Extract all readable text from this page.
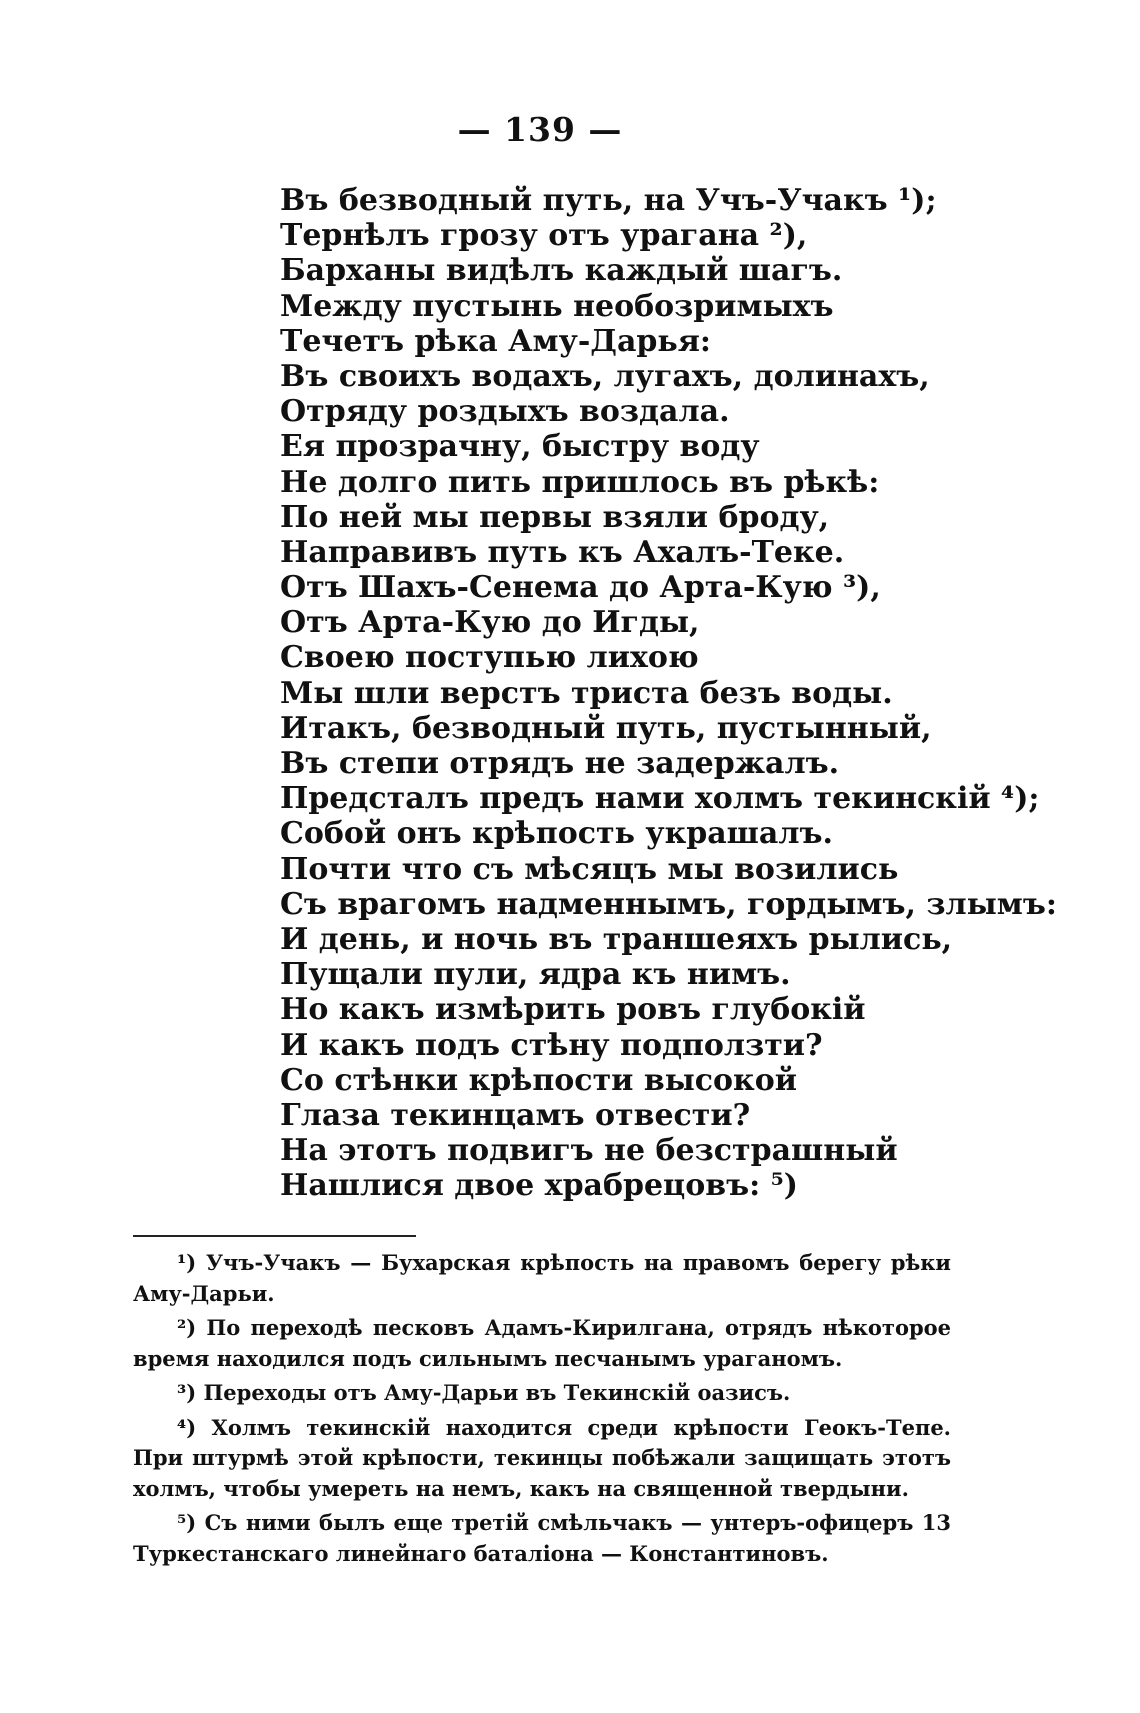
— 139 —
Въ безводный путь, на Учъ-Учакъ ¹);
Тернѣлъ грозу отъ урагана ²),
Барханы видѣлъ каждый шагъ.
Между пустынь необозримыхъ
Течетъ рѣка Аму-Дарья:
Въ своихъ водахъ, лугахъ, долинахъ,
Отряду роздыхъ воздала.
Ея прозрачну, быстру воду
Не долго пить пришлось въ рѣкѣ:
По ней мы первы взяли броду,
Направивъ путь къ Ахалъ-Теке.
Отъ Шахъ-Сенема до Арта-Кую ³),
Отъ Арта-Кую до Игды,
Своею поступью лихою
Мы шли верстъ триста безъ воды.
Итакъ, безводный путь, пустынный,
Въ степи отрядъ не задержалъ.
Предсталъ предъ нами холмъ текинскій ⁴);
Собой онъ крѣпость украшалъ.
Почти что съ мѣсяцъ мы возились
Съ врагомъ надменнымъ, гордымъ, злымъ:
И день, и ночь въ траншеяхъ рылись,
Пущали пули, ядра къ нимъ.
Но какъ измѣрить ровъ глубокій
И какъ подъ стѣну подползти?
Со стѣнки крѣпости высокой
Глаза текинцамъ отвести?
На этотъ подвигъ не безстрашный
Нашлися двое храбрецовъ: ⁵)
¹) Учъ-Учакъ — Бухарская крѣпость на правомъ берегу рѣки Аму-Дарьи.
²) По переходѣ песковъ Адамъ-Кирилгана, отрядъ нѣкоторое время находился подъ сильнымъ песчанымъ ураганомъ.
³) Переходы отъ Аму-Дарьи въ Текинскій оазисъ.
⁴) Холмъ текинскій находится среди крѣпости Геокъ-Тепе. При штурмѣ этой крѣпости, текинцы побѣжали защищать этотъ холмъ, чтобы умереть на немъ, какъ на священной твердыни.
⁵) Съ ними былъ еще третій смѣльчакъ — унтеръ-офицеръ 13 Туркестанскаго линейнаго баталіона — Константиновъ.
